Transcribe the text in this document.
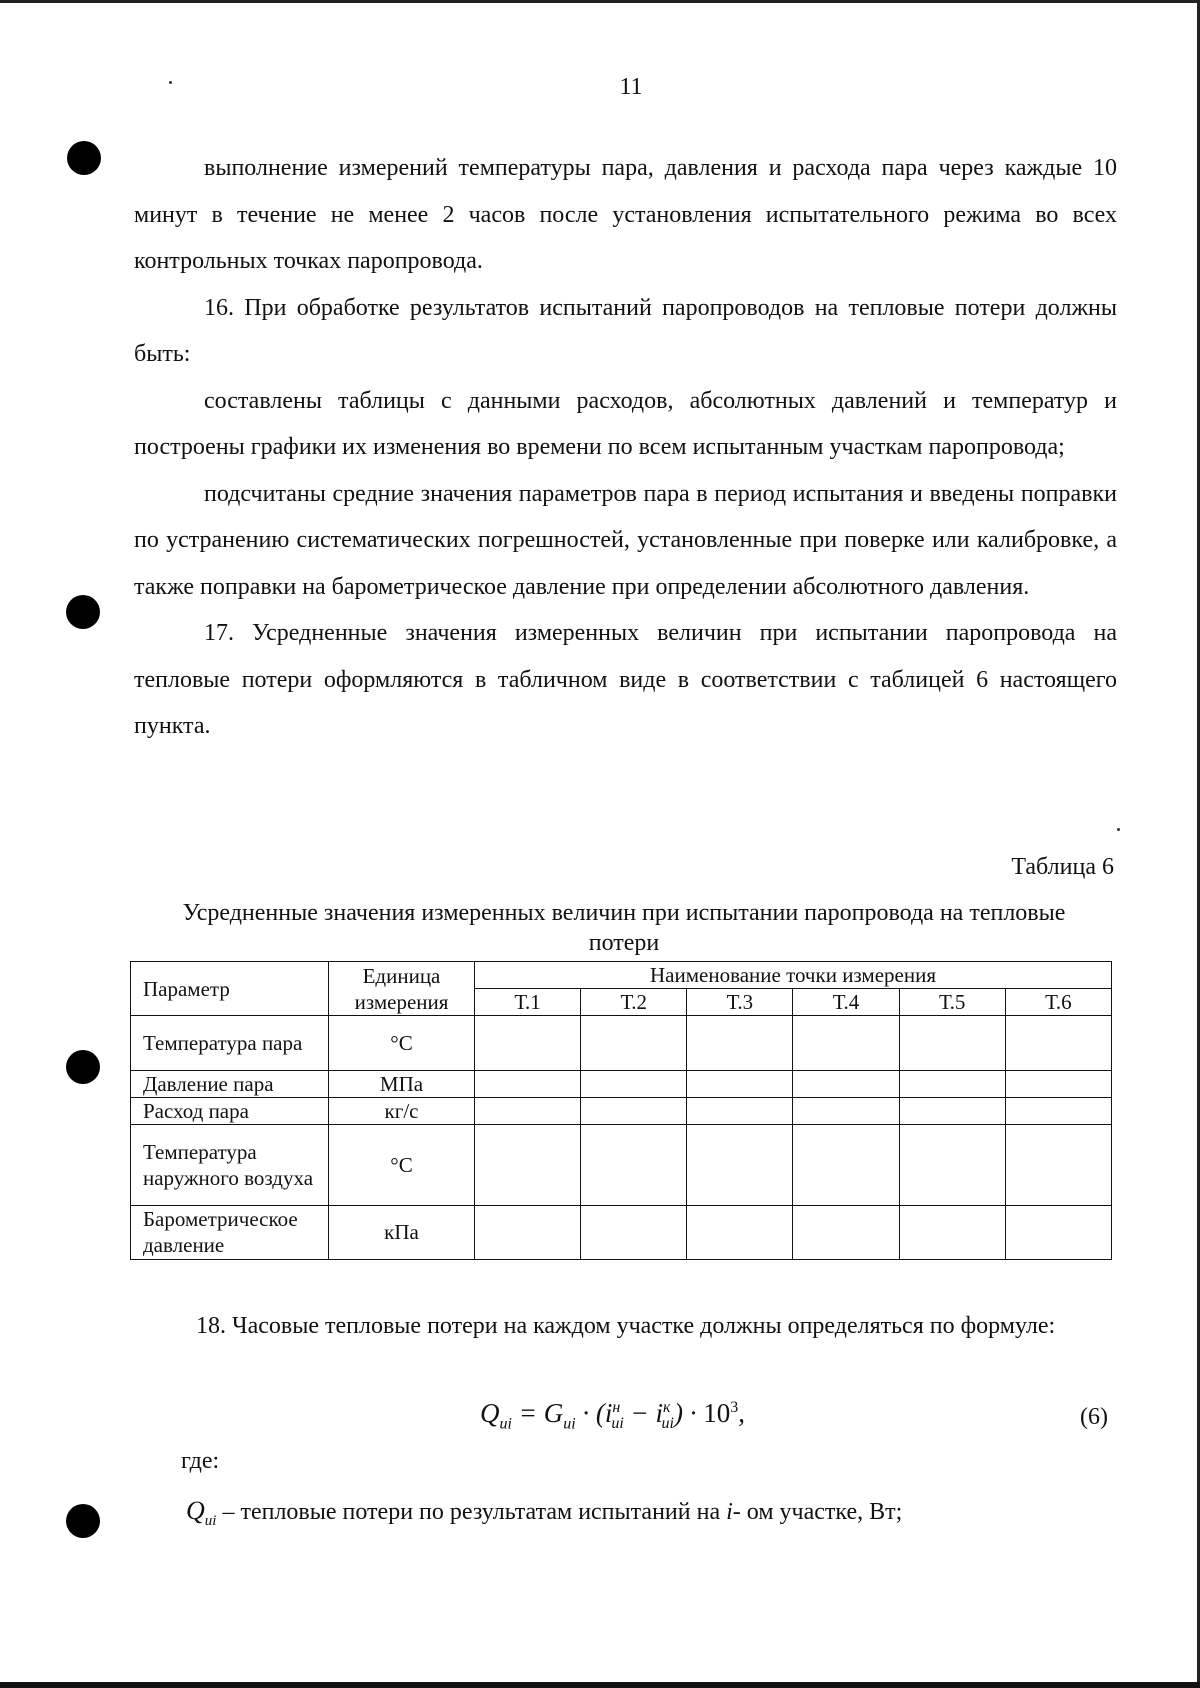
11

выполнение измерений температуры пара, давления и расхода пара через каждые 10 минут в течение не менее 2 часов после установления испытательного режима во всех контрольных точках паропровода.

16. При обработке результатов испытаний паропроводов на тепловые потери должны быть:

составлены таблицы с данными расходов, абсолютных давлений и температур и построены графики их изменения во времени по всем испытанным участкам паропровода;

подсчитаны средние значения параметров пара в период испытания и введены поправки по устранению систематических погрешностей, установленные при поверке или калибровке, а также поправки на барометрическое давление при определении абсолютного давления.

17. Усредненные значения измеренных величин при испытании паропровода на тепловые потери оформляются в табличном виде в соответствии с таблицей 6 настоящего пункта.

Таблица 6
Усредненные значения измеренных величин при испытании паропровода на тепловые потери
Параметр	Единица измерения	Наименование точки измерения					
		Т.1	Т.2	Т.3	Т.4	Т.5	Т.6
Температура пара	°С						
Давление пара	МПа						
Расход пара	кг/с						
Температура наружного воздуха	°С						
Барометрическое давление	кПа						

18. Часовые тепловые потери на каждом участке должны определяться по формуле:

$Q_{иi} = G_{иi} \cdot (i^н_{иi} - i^к_{иi}) \cdot 10^3$,	(6)
где:
$Q_{иi}$ – тепловые потери по результатам испытаний на i- ом участке, Вт;
